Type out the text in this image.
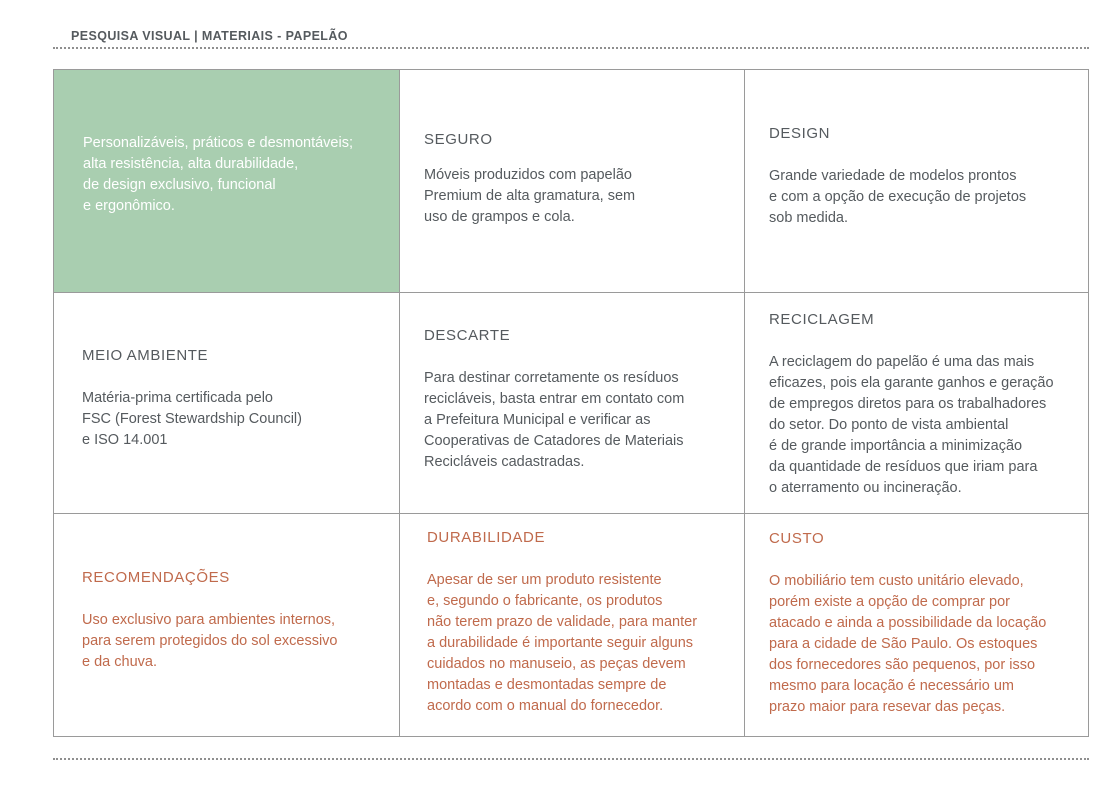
PESQUISA VISUAL | MATERIAIS - PAPELÃO
Personalizáveis, práticos e desmontáveis;
alta resistência, alta durabilidade,
de design exclusivo, funcional
e ergonômico.
SEGURO
Móveis produzidos com papelão
Premium de alta gramatura, sem
uso de grampos e cola.
DESIGN
Grande variedade de modelos prontos
e com a opção de execução de projetos
sob medida.
MEIO AMBIENTE
Matéria-prima certificada pelo
FSC (Forest Stewardship Council)
e ISO 14.001
DESCARTE
Para destinar corretamente os resíduos
recicláveis, basta entrar em contato com
a Prefeitura Municipal e verificar as
Cooperativas de Catadores de Materiais
Recicláveis cadastradas.
RECICLAGEM
A reciclagem do papelão é uma das mais
eficazes, pois ela garante ganhos e geração
de empregos diretos para os trabalhadores
do setor. Do ponto de vista ambiental
é de grande importância a minimização
da quantidade de resíduos que iriam para
o aterramento ou incineração.
RECOMENDAÇÕES
Uso exclusivo para ambientes internos,
para serem protegidos do sol excessivo
e da chuva.
DURABILIDADE
Apesar de ser um produto resistente
e, segundo o fabricante, os produtos
não terem prazo de validade, para manter
a durabilidade é importante seguir alguns
cuidados no manuseio, as peças devem
montadas e desmontadas sempre de
acordo com o manual do fornecedor.
CUSTO
O mobiliário tem custo unitário elevado,
porém existe a opção de comprar por
atacado e ainda a possibilidade da locação
para a cidade de São Paulo. Os estoques
dos fornecedores são pequenos, por isso
mesmo para locação é necessário um
prazo maior para resevar das peças.
